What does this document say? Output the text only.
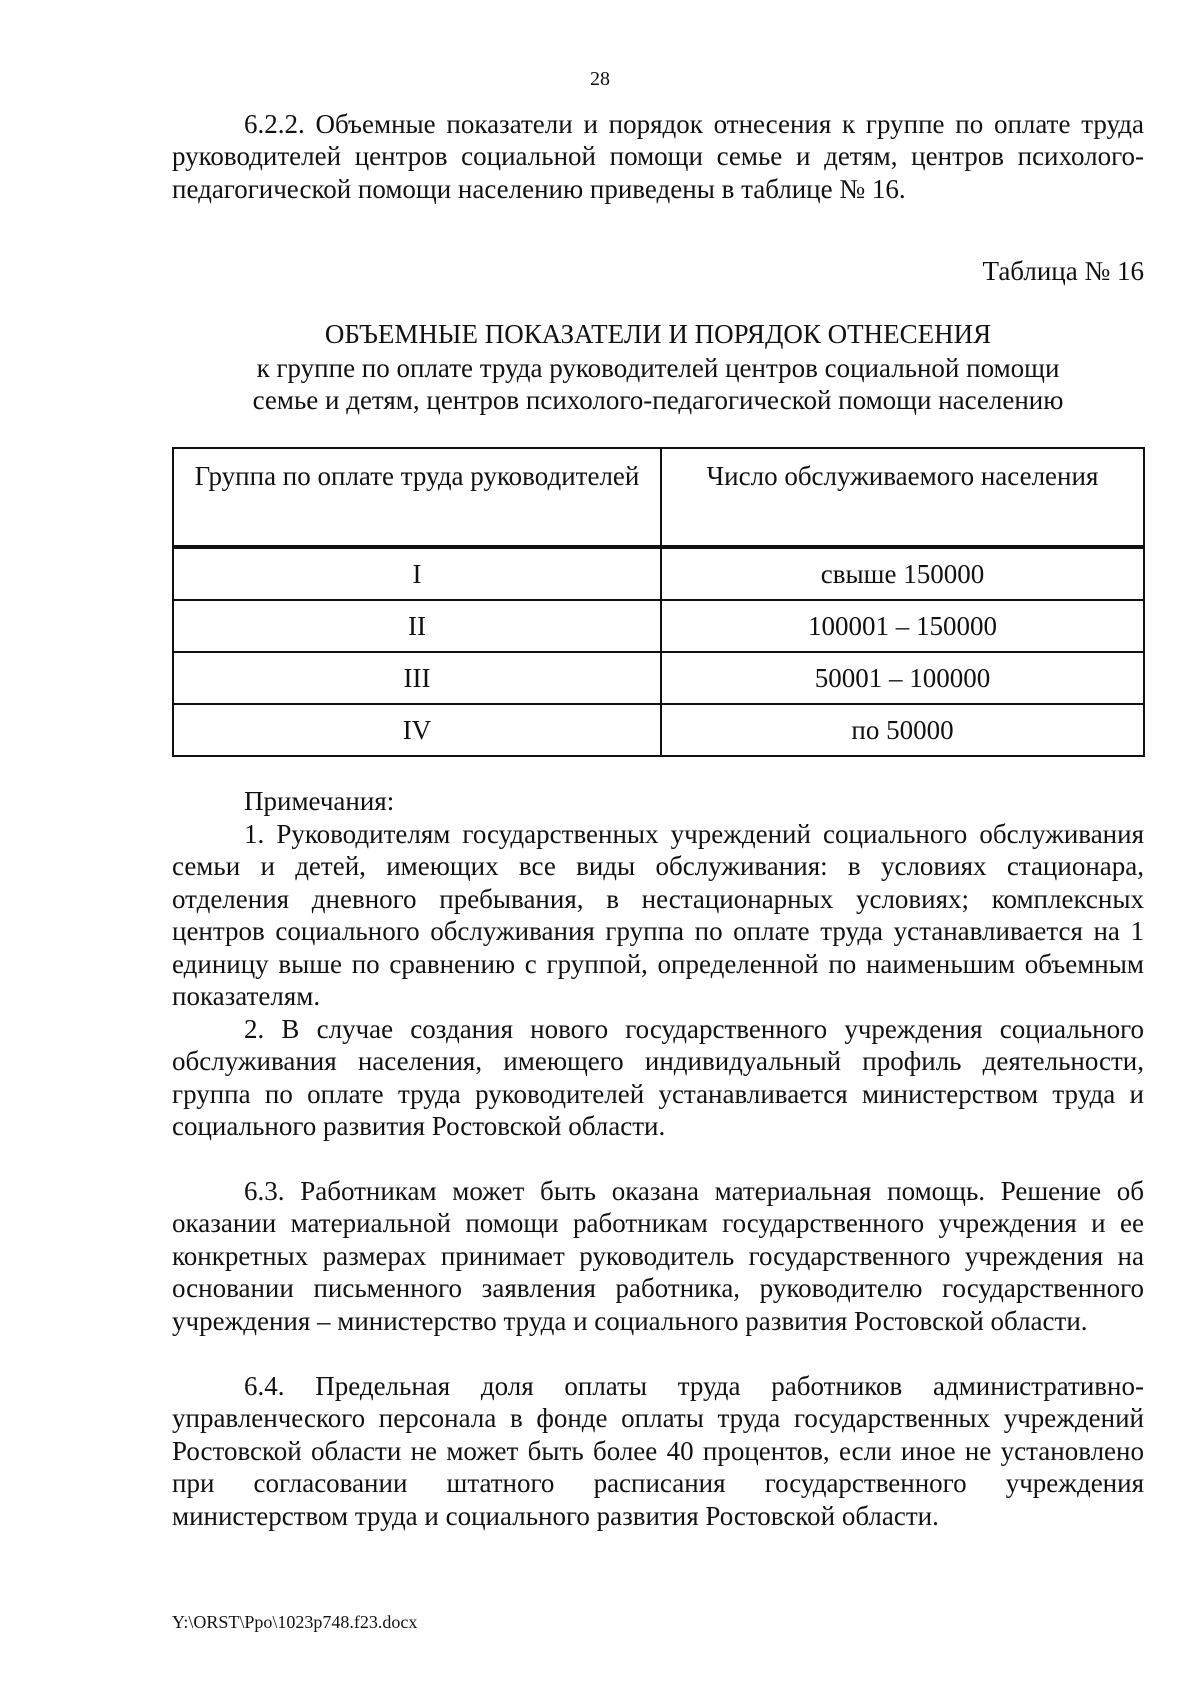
28

6.2.2. Объемные показатели и порядок отнесения к группе по оплате труда руководителей центров социальной помощи семье и детям, центров психолого-педагогической помощи населению приведены в таблице № 16.

Таблица № 16
ОБЪЕМНЫЕ ПОКАЗАТЕЛИ И ПОРЯДОК ОТНЕСЕНИЯ
к группе по оплате труда руководителей центров социальной помощи
семье и детям, центров психолого-педагогической помощи населению
Группа по оплате труда руководителей	Число обслуживаемого населения
I	свыше 150000
II	100001 – 150000
III	50001 – 100000
IV	по 50000
Примечания:

1. Руководителям государственных учреждений социального обслуживания семьи и детей, имеющих все виды обслуживания: в условиях стационара, отделения дневного пребывания, в нестационарных условиях; комплексных центров социального обслуживания группа по оплате труда устанавливается на 1 единицу выше по сравнению с группой, определенной по наименьшим объемным показателям.

2. В случае создания нового государственного учреждения социального обслуживания населения, имеющего индивидуальный профиль деятельности, группа по оплате труда руководителей устанавливается министерством труда и социального развития Ростовской области.

6.3. Работникам может быть оказана материальная помощь. Решение об оказании материальной помощи работникам государственного учреждения и ее конкретных размерах принимает руководитель государственного учреждения на основании письменного заявления работника, руководителю государственного учреждения – министерство труда и социального развития Ростовской области.

6.4. Предельная доля оплаты труда работников административно-управленческого персонала в фонде оплаты труда государственных учреждений Ростовской области не может быть более 40 процентов, если иное не установлено при согласовании штатного расписания государственного учреждения министерством труда и социального развития Ростовской области.

Y:\ORST\Ppo\1023p748.f23.docx
